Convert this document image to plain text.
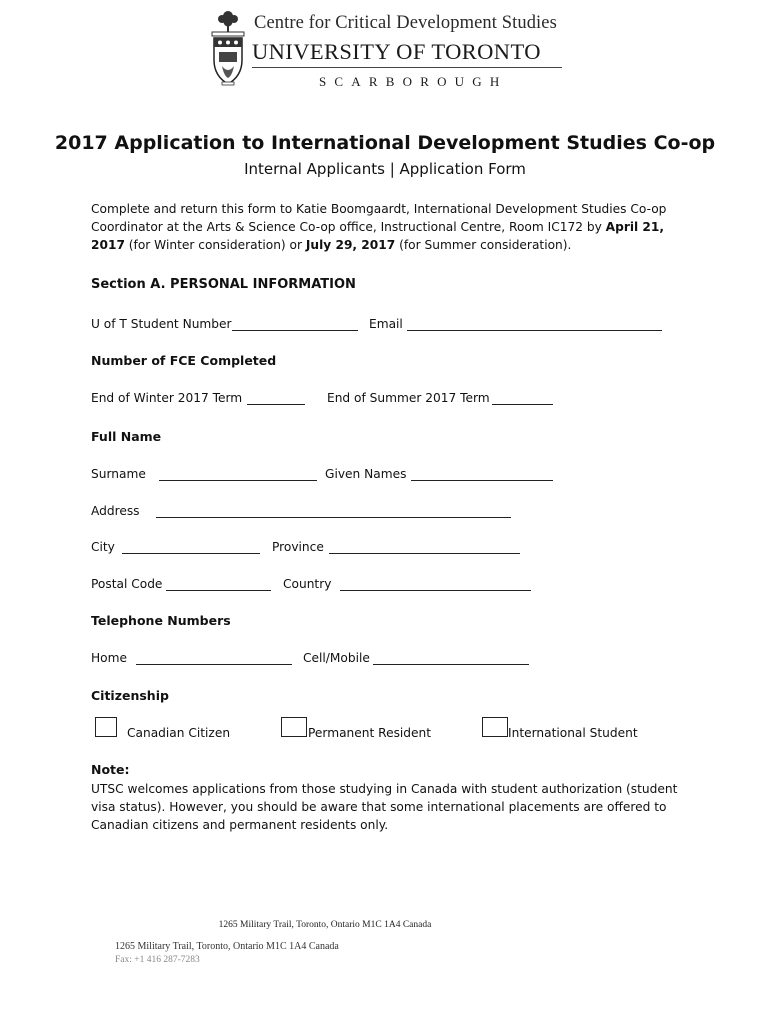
Centre for Critical Development Studies
UNIVERSITY OF TORONTO
SCARBOROUGH
2017 Application to International Development Studies Co-op
Internal Applicants | Application Form
Complete and return this form to Katie Boomgaardt, International Development Studies Co-op Coordinator at the Arts & Science Co-op office, Instructional Centre, Room IC172 by April 21, 2017 (for Winter consideration) or July 29, 2017 (for Summer consideration).
Section A. PERSONAL INFORMATION
U of T Student Number	Email
Number of FCE Completed
End of Winter 2017 Term	End of Summer 2017 Term
Full Name
Surname	Given Names
Address
City	Province
Postal Code	Country
Telephone Numbers
Home	Cell/Mobile
Citizenship
Canadian Citizen	Permanent Resident	International Student
Note:
UTSC welcomes applications from those studying in Canada with student authorization (student visa status). However, you should be aware that some international placements are offered to Canadian citizens and permanent residents only.
1265 Military Trail, Toronto, Ontario M1C 1A4 Canada
1265 Military Trail, Toronto, Ontario M1C 1A4 Canada
Fax: +1 416 287-7283
